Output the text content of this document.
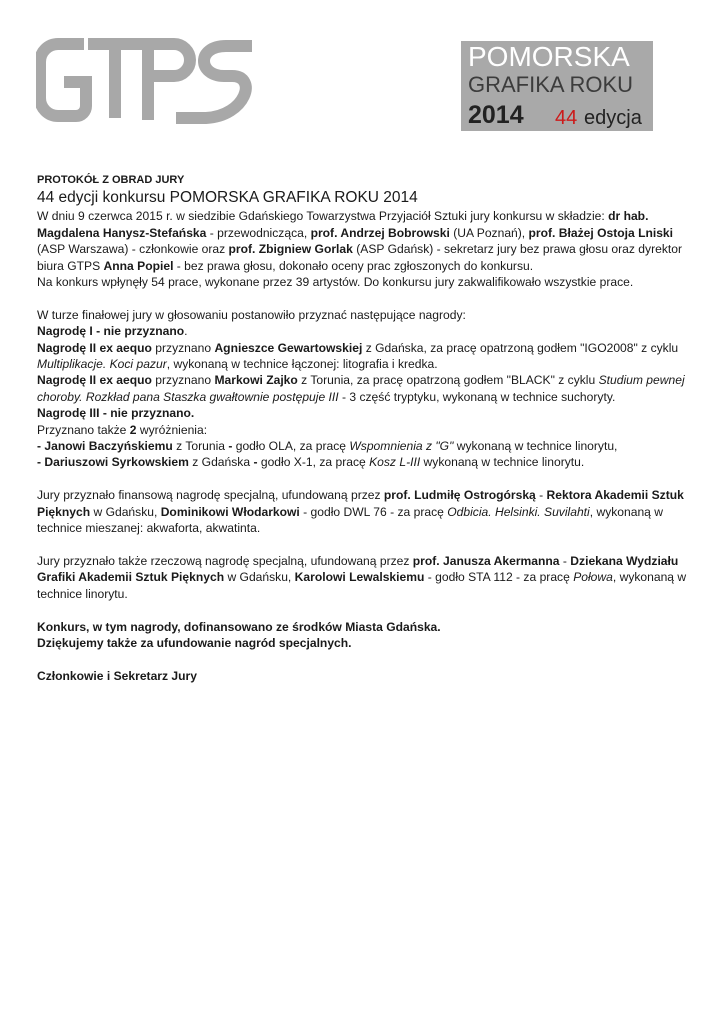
POMORSKA
GRAFIKA ROKU
2014 44 edycja

PROTOKÓŁ Z OBRAD JURY

44 edycji konkursu POMORSKA GRAFIKA ROKU 2014

W dniu 9 czerwca 2015 r. w siedzibie Gdańskiego Towarzystwa Przyjaciół Sztuki jury konkursu w składzie: dr hab. Magdalena Hanysz-Stefańska - przewodnicząca, prof. Andrzej Bobrowski (UA Poznań), prof. Błażej Ostoja Lniski (ASP Warszawa) - członkowie oraz prof. Zbigniew Gorlak (ASP Gdańsk) - sekretarz jury bez prawa głosu oraz dyrektor biura GTPS Anna Popiel - bez prawa głosu, dokonało oceny prac zgłoszonych do konkursu.

Na konkurs wpłynęły 54 prace, wykonane przez 39 artystów. Do konkursu jury zakwalifikowało wszystkie prace.

W turze finałowej jury w głosowaniu postanowiło przyznać następujące nagrody:

Nagrodę I - nie przyznano.

Nagrodę II ex aequo przyznano Agnieszce Gewartowskiej z Gdańska, za pracę opatrzoną godłem "IGO2008" z cyklu Multiplikacje. Koci pazur, wykonaną w technice łączonej: litografia i kredka.

Nagrodę II ex aequo przyznano Markowi Zajko z Torunia, za pracę opatrzoną godłem "BLACK" z cyklu Studium pewnej choroby. Rozkład pana Staszka gwałtownie postępuje III - 3 część tryptyku, wykonaną w technice suchoryty.

Nagrodę III - nie przyznano.

Przyznano także 2 wyróżnienia:

- Janowi Baczyńskiemu z Torunia - godło OLA, za pracę Wspomnienia z "G" wykonaną w technice linorytu,

- Dariuszowi Syrkowskiem z Gdańska - godło X-1, za pracę Kosz L-III wykonaną w technice linorytu.

Jury przyznało finansową nagrodę specjalną, ufundowaną przez prof. Ludmiłę Ostrogórską - Rektora Akademii Sztuk Pięknych w Gdańsku, Dominikowi Włodarkowi - godło DWL 76 - za pracę Odbicia. Helsinki. Suvilahti, wykonaną w technice mieszanej: akwaforta, akwatinta.

Jury przyznało także rzeczową nagrodę specjalną, ufundowaną przez prof. Janusza Akermanna - Dziekana Wydziału Grafiki Akademii Sztuk Pięknych w Gdańsku, Karolowi Lewalskiemu - godło STA 112 - za pracę Połowa, wykonaną w technice linorytu.

Konkurs, w tym nagrody, dofinansowano ze środków Miasta Gdańska.

Dziękujemy także za ufundowanie nagród specjalnych.

Członkowie i Sekretarz Jury
